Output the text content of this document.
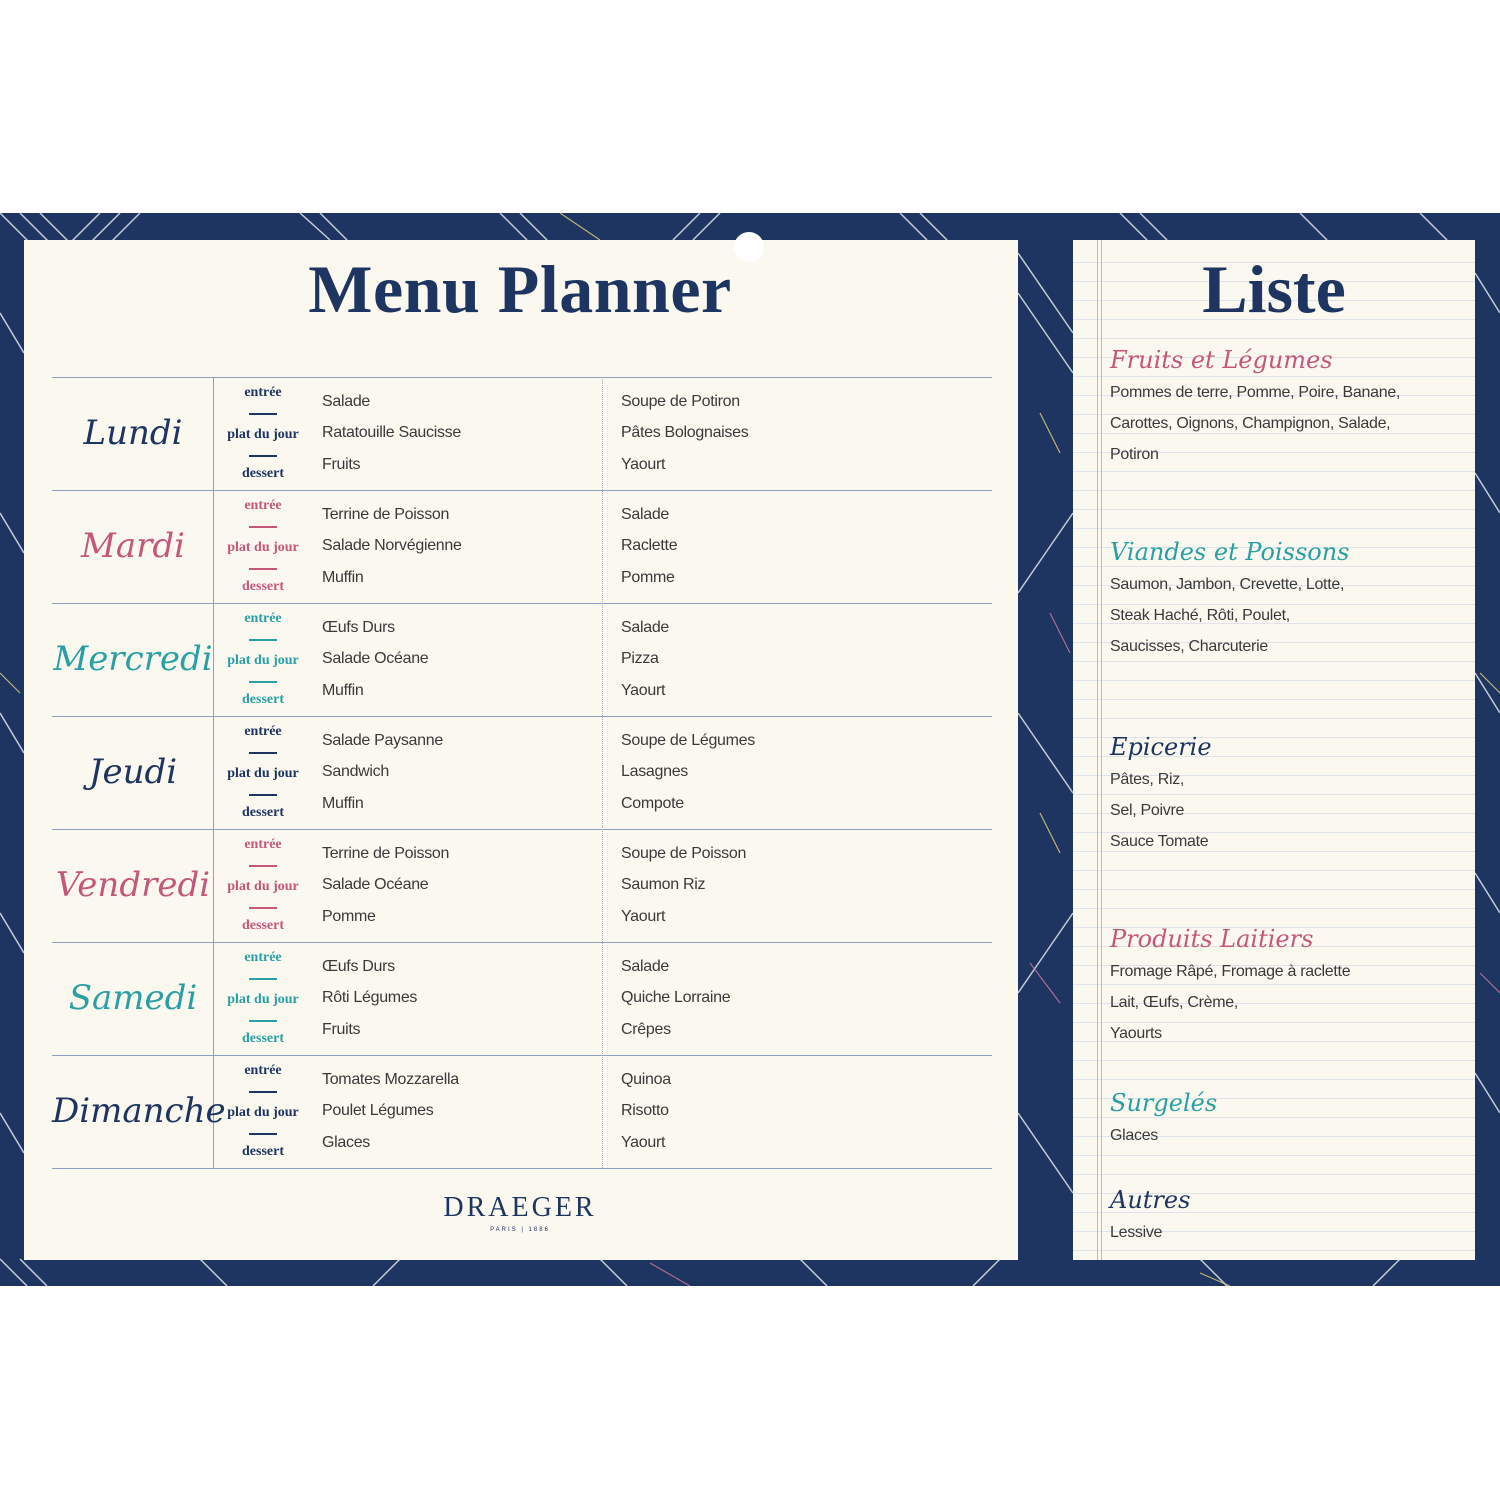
Menu Planner
Lundi
entrée
plat du jour
dessert
Salade
Ratatouille Saucisse
Fruits
Soupe de Potiron
Pâtes Bolognaises
Yaourt
Mardi
entrée
plat du jour
dessert
Terrine de Poisson
Salade Norvégienne
Muffin
Salade
Raclette
Pomme
Mercredi
entrée
plat du jour
dessert
Œufs Durs
Salade Océane
Muffin
Salade
Pizza
Yaourt
Jeudi
entrée
plat du jour
dessert
Salade Paysanne
Sandwich
Muffin
Soupe de Légumes
Lasagnes
Compote
Vendredi
entrée
plat du jour
dessert
Terrine de Poisson
Salade Océane
Pomme
Soupe de Poisson
Saumon Riz
Yaourt
Samedi
entrée
plat du jour
dessert
Œufs Durs
Rôti Légumes
Fruits
Salade
Quiche Lorraine
Crêpes
Dimanche
entrée
plat du jour
dessert
Tomates Mozzarella
Poulet Légumes
Glaces
Quinoa
Risotto
Yaourt
DRAEGER
PARIS | 1886
Liste
Fruits et Légumes
Pommes de terre, Pomme, Poire, Banane,
Carottes, Oignons, Champignon, Salade,
Potiron
Viandes et Poissons
Saumon, Jambon, Crevette, Lotte,
Steak Haché, Rôti, Poulet,
Saucisses, Charcuterie
Epicerie
Pâtes, Riz,
Sel, Poivre
Sauce Tomate
Produits Laitiers
Fromage Râpé, Fromage à raclette
Lait, Œufs, Crème,
Yaourts
Surgelés
Glaces
Autres
Lessive
